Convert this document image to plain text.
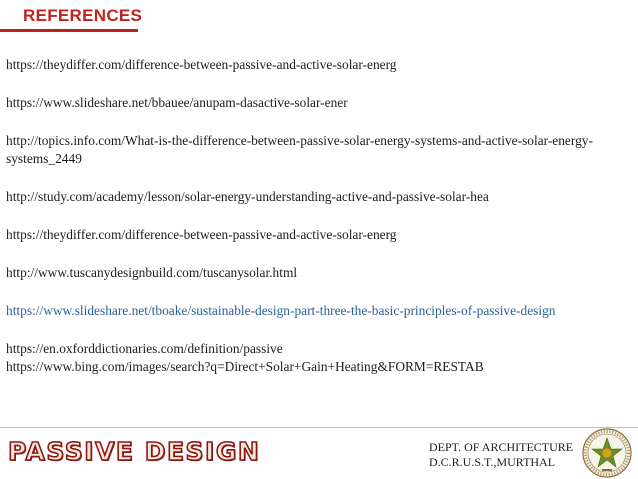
REFERENCES

https://theydiffer.com/difference-between-passive-and-active-solar-energ

https://www.slideshare.net/bbauee/anupam-dasactive-solar-ener

http://topics.info.com/What-is-the-difference-between-passive-solar-energy-systems-and-active-solar-energy-systems_2449

http://study.com/academy/lesson/solar-energy-understanding-active-and-passive-solar-hea

https://theydiffer.com/difference-between-passive-and-active-solar-energ

http://www.tuscanydesignbuild.com/tuscanysolar.html

https://www.slideshare.net/tboake/sustainable-design-part-three-the-basic-principles-of-passive-design

https://en.oxforddictionaries.com/definition/passive

https://www.bing.com/images/search?q=Direct+Solar+Gain+Heating&FORM=RESTAB

PASSIVE DESIGN	DEPT. OF ARCHITECTURE
D.C.R.U.S.T.,MURTHAL
